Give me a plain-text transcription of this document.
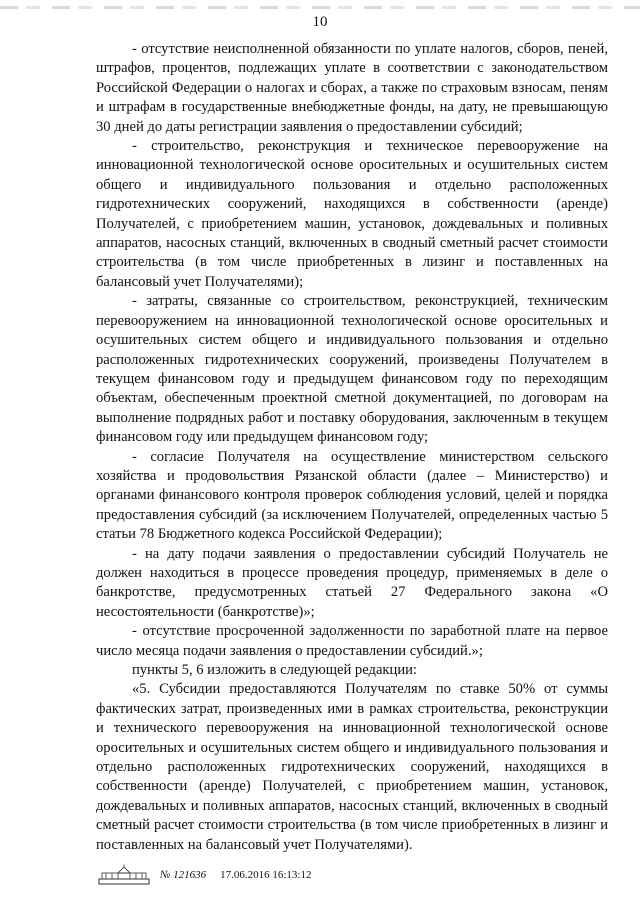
10

- отсутствие неисполненной обязанности по уплате налогов, сборов, пеней, штрафов, процентов, подлежащих уплате в соответствии с законодательством Российской Федерации о налогах и сборах, а также по страховым взносам, пеням и штрафам в государственные внебюджетные фонды, на дату, не превышающую 30 дней до даты регистрации заявления о предоставлении субсидий;

- строительство, реконструкция и техническое перевооружение на инновационной технологической основе оросительных и осушительных систем общего и индивидуального пользования и отдельно расположенных гидротехнических сооружений, находящихся в собственности (аренде) Получателей, с приобретением машин, установок, дождевальных и поливных аппаратов, насосных станций, включенных в сводный сметный расчет стоимости строительства (в том числе приобретенных в лизинг и поставленных на балансовый учет Получателями);

- затраты, связанные со строительством, реконструкцией, техническим перевооружением на инновационной технологической основе оросительных и осушительных систем общего и индивидуального пользования и отдельно расположенных гидротехнических сооружений, произведены Получателем в текущем финансовом году и предыдущем финансовом году по переходящим объектам, обеспеченным проектной сметной документацией, по договорам на выполнение подрядных работ и поставку оборудования, заключенным в текущем финансовом году или предыдущем финансовом году;

- согласие Получателя на осуществление министерством сельского хозяйства и продовольствия Рязанской области (далее – Министерство) и органами финансового контроля проверок соблюдения условий, целей и порядка предоставления субсидий (за исключением Получателей, определенных частью 5 статьи 78 Бюджетного кодекса Российской Федерации);

- на дату подачи заявления о предоставлении субсидий Получатель не должен находиться в процессе проведения процедур, применяемых в деле о банкротстве, предусмотренных статьей 27 Федерального закона «О несостоятельности (банкротстве)»;

- отсутствие просроченной задолженности по заработной плате на первое число месяца подачи заявления о предоставлении субсидий.»;

пункты 5, 6 изложить в следующей редакции:

«5. Субсидии предоставляются Получателям по ставке 50% от суммы фактических затрат, произведенных ими в рамках строительства, реконструкции и технического перевооружения на инновационной технологической основе оросительных и осушительных систем общего и индивидуального пользования и отдельно расположенных гидротехнических сооружений, находящихся в собственности (аренде) Получателей, с приобретением машин, установок, дождевальных и поливных аппаратов, насосных станций, включенных в сводный сметный расчет стоимости строительства (в том числе приобретенных в лизинг и поставленных на балансовый учет Получателями).

№ 121636 17.06.2016 16:13:12
